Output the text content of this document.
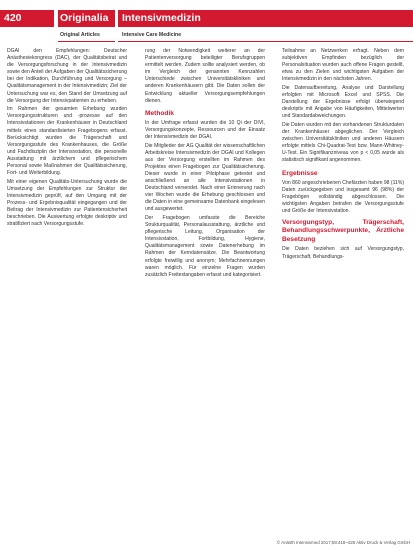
420	Originalia Intensivmedizin
Original Articles	Intensive Care Medicine

DGAI den Empfehlungen: Deutscher Anästhesiekongress (DAC), der Qualitätsbeirat und die Versorgungsforschung in der Intensivmedizin sowie den Anteil der Aufgaben der Qualitätssicherung bei der Indikation, Durchführung und Versorgung – Qualitätsmanagement in der Intensivmedizin; Ziel der Untersuchung war es, den Stand der Umsetzung auf die Versorgung der Intensivpatienten zu erheben.

Im Rahmen der gesamten Erhebung wurden Versorgungsstrukturen und -prozesse auf den Intensivstationen der Krankenhäuser in Deutschland mittels eines standardisierten Fragebogens erfasst. Berücksichtigt wurden die Trägerschaft und Versorgungsstufe des Krankenhauses, die Größe und Fachdisziplin der Intensivstation, die personelle Ausstattung mit ärztlichem und pflegerischem Personal sowie Maßnahmen der Qualitätssicherung, Fort- und Weiterbildung.

Mit einer eigenen Qualitäts-Untersuchung wurde die Umsetzung der Empfehlungen zur Struktur der Intensivmedizin geprüft, auf den Umgang mit der Prozess- und Ergebnisqualität eingegangen und der Beitrag der Intensivmedizin zur Patientensicherheit beschrieben. Die Auswertung erfolgte deskriptiv und stratifiziert nach Versorgungsstufe.

rung der Notwendigkeit weiterer an der Patientenversorgung beteiligter Berufsgruppen ermittelt werden. Zudem sollte analysiert werden, ob im Vergleich der genannten Kennzahlen Unterschiede zwischen Universitätskliniken und anderen Krankenhäusern gibt. Die Daten sollen der Entwicklung aktueller Versorgungsempfehlungen dienen.

Methodik

In der Umfrage erfasst wurden die 10 Qi der DIVI, Versorgungskonzepte, Ressourcen und der Einsatz der Intensivmedizin der DGAI.

Die Mitglieder der AG Qualität der wissenschaftlichen Arbeitskreise Intensivmedizin der DGAI und Kollegen aus der Versorgung erstellten im Rahmen des Projektes einen Fragebogen zur Qualitätssicherung. Dieser wurde in einer Pilotphase getestet und anschließend an alle Intensivstationen in Deutschland versendet. Nach einer Erinnerung nach vier Wochen wurde die Erhebung geschlossen und die Daten in eine gemeinsame Datenbank eingelesen und ausgewertet.

Der Fragebogen umfasste die Bereiche Strukturqualität, Personalausstattung, ärztliche und pflegerische Leitung, Organisation der Intensivstation, Fortbildung, Hygiene, Qualitätsmanagement sowie Datenerhebung im Rahmen der Kerndatensätze. Die Beantwortung erfolgte freiwillig und anonym; Mehrfachnennungen waren möglich. Für einzelne Fragen wurden zusätzlich Freitextangaben erfasst und kategorisiert.

Teilnahme an Netzwerken erfragt. Neben dem subjektiven Empfinden bezüglich der Personalsituation wurden auch offene Fragen gestellt, etwa zu den Zielen und wichtigsten Aufgaben der Intensivmedizin in den nächsten Jahren.

Die Datenaufbereitung, Analyse und Darstellung erfolgten mit Microsoft Excel und SPSS. Die Darstellung der Ergebnisse erfolgt überwiegend deskriptiv mit Angabe von Häufigkeiten, Mittelwerten und Standardabweichungen.

Die Daten wurden mit den vorhandenen Strukturdaten der Krankenhäuser abgeglichen. Der Vergleich zwischen Universitätskliniken und anderen Häusern erfolgte mittels Chi-Quadrat-Test bzw. Mann-Whitney-U-Test. Ein Signifikanzniveau von p < 0,05 wurde als statistisch signifikant angenommen.

Ergebnisse

Von 860 angeschriebenen Chefärzten haben 98 (11%) Daten zurückgegeben und insgesamt 96 (98%) der Fragebögen vollständig abgeschlossen. Die wichtigsten Angaben betrafen die Versorgungsstufe und Größe der Intensivstation.

Versorgungstyp, Trägerschaft, Behandlungsschwerpunkte, Ärztliche Besetzung

Die Daten beziehen sich auf Versorgungstyp, Trägerschaft, Behandlungs-

© Anästh Intensivmed 2017;58:418–428 Aktiv Druck & Verlag GmbH
